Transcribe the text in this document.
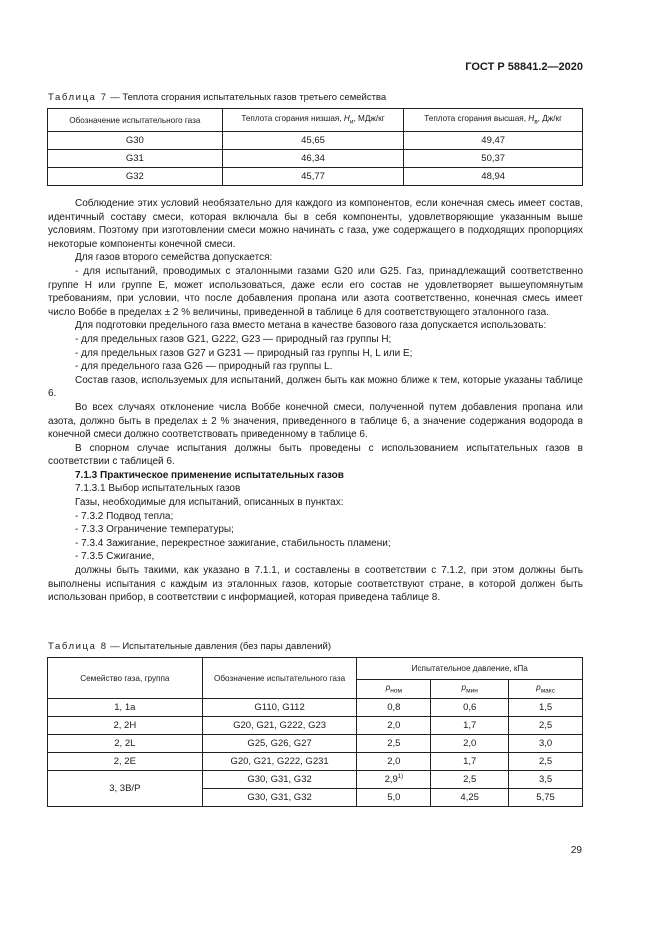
ГОСТ Р 58841.2—2020
Таблица 7 — Теплота сгорания испытательных газов третьего семейства
Обозначение испытательного газа	Теплота сгорания низшая, $H_и$, МДж/кг	Теплота сгорания высшая, $H_в$, Дж/кг
G30	45,65	49,47
G31	46,34	50,37
G32	45,77	48,94

Соблюдение этих условий необязательно для каждого из компонентов, если конечная смесь имеет состав, идентичный составу смеси, которая включала бы в себя компоненты, удовлетворяющие указанным выше условиям. Поэтому при изготовлении смеси можно начинать с газа, уже содержащего в подходящих пропорциях некоторые компоненты конечной смеси.

Для газов второго семейства допускается:

- для испытаний, проводимых с эталонными газами G20 или G25. Газ, принадлежащий соответственно группе H или группе E, может использоваться, даже если его состав не удовлетворяет вышеупомянутым требованиям, при условии, что после добавления пропана или азота соответственно, конечная смесь имеет число Воббе в пределах ± 2 % величины, приведенной в таблице 6 для соответствующего эталонного газа.

Для подготовки предельного газа вместо метана в качестве базового газа допускается использовать:

- для предельных газов G21, G222, G23 — природный газ группы H;

- для предельных газов G27 и G231 — природный газ группы H, L или E;

- для предельного газа G26 — природный газ группы L.

Состав газов, используемых для испытаний, должен быть как можно ближе к тем, которые указаны таблице 6.

Во всех случаях отклонение числа Воббе конечной смеси, полученной путем добавления пропана или азота, должно быть в пределах ± 2 % значения, приведенного в таблице 6, а значение содержания водорода в конечной смеси должно соответствовать приведенному в таблице 6.

В спорном случае испытания должны быть проведены с использованием испытательных газов в соответствии с таблицей 6.

7.1.3 Практическое применение испытательных газов

7.1.3.1 Выбор испытательных газов

Газы, необходимые для испытаний, описанных в пунктах:

- 7.3.2 Подвод тепла;

- 7.3.3 Ограничение температуры;

- 7.3.4 Зажигание, перекрестное зажигание, стабильность пламени;

- 7.3.5 Сжигание,

должны быть такими, как указано в 7.1.1, и составлены в соответствии с 7.1.2, при этом должны быть выполнены испытания с каждым из эталонных газов, которые соответствуют стране, в которой должен быть использован прибор, в соответствии с информацией, которая приведена таблице 8.

Таблица 8 — Испытательные давления (без пары давлений)
Семейство газа, группа	Обозначение испытательного газа	Испытательное давление, кПа		
		$p_{ном}$	$p_{мин}$	$p_{макс}$
1, 1а	G110, G112	0,8	0,6	1,5
2, 2H	G20, G21, G222, G23	2,0	1,7	2,5
2, 2L	G25, G26, G27	2,5	2,0	3,0
2, 2E	G20, G21, G222, G231	2,0	1,7	2,5
3, 3B/P	G30, G31, G32	2,9$^{1)}$	2,5	3,5
	G30, G31, G32	5,0	4,25	5,75
29
